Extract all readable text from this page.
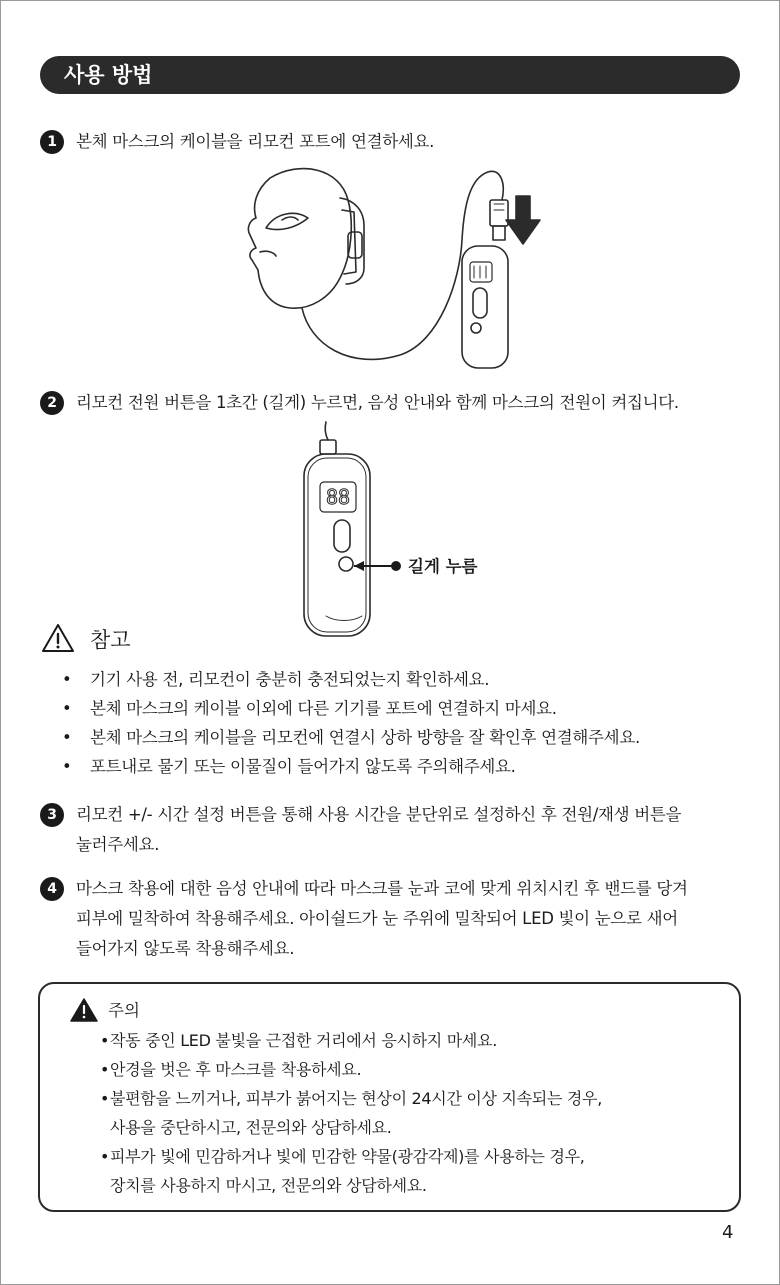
사용 방법
1	본체 마스크의 케이블을 리모컨 포트에 연결하세요.
2	리모컨 전원 버튼을 1초간 (길게) 누르면, 음성 안내와 함께 마스크의 전원이 켜집니다.
88
길게 누름
참고
• 기기 사용 전, 리모컨이 충분히 충전되었는지 확인하세요.
• 본체 마스크의 케이블 이외에 다른 기기를 포트에 연결하지 마세요.
• 본체 마스크의 케이블을 리모컨에 연결시 상하 방향을 잘 확인후 연결해주세요.
• 포트내로 물기 또는 이물질이 들어가지 않도록 주의해주세요.
3	리모컨 +/- 시간 설정 버튼을 통해 사용 시간을 분단위로 설정하신 후 전원/재생 버튼을
눌러주세요.
4	마스크 착용에 대한 음성 안내에 따라 마스크를 눈과 코에 맞게 위치시킨 후 밴드를 당겨
피부에 밀착하여 착용해주세요. 아이쉴드가 눈 주위에 밀착되어 LED 빛이 눈으로 새어
들어가지 않도록 착용해주세요.
주의
• 작동 중인 LED 불빛을 근접한 거리에서 응시하지 마세요.
• 안경을 벗은 후 마스크를 착용하세요.
• 불편함을 느끼거나, 피부가 붉어지는 현상이 24시간 이상 지속되는 경우,
사용을 중단하시고, 전문의와 상담하세요.
• 피부가 빛에 민감하거나 빛에 민감한 약물(광감각제)를 사용하는 경우,
장치를 사용하지 마시고, 전문의와 상담하세요.
4
